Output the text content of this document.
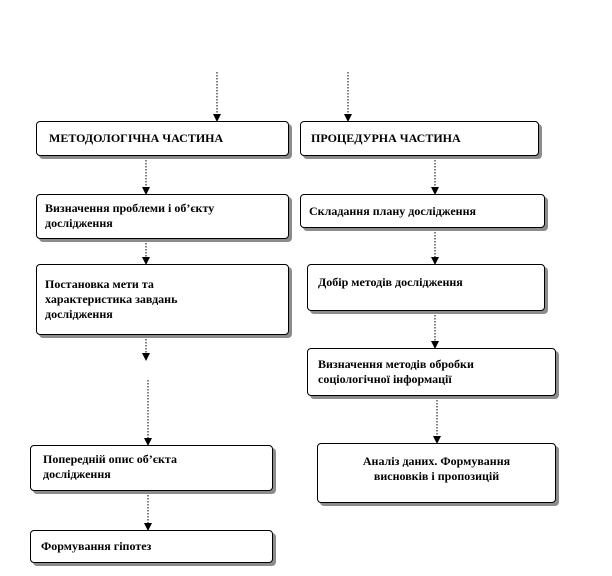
МЕТОДОЛОГІЧНА ЧАСТИНА
Визначення проблеми і об’єкту дослідження
Постановка мети та характеристика завдань дослідження
Попередній опис об’єкта дослідження
Формування гіпотез
ПРОЦЕДУРНА ЧАСТИНА
Складання плану дослідження
Добір методів дослідження
Визначення методів обробки соціологічної інформації
Аналіз даних. Формування висновків і пропозицій
